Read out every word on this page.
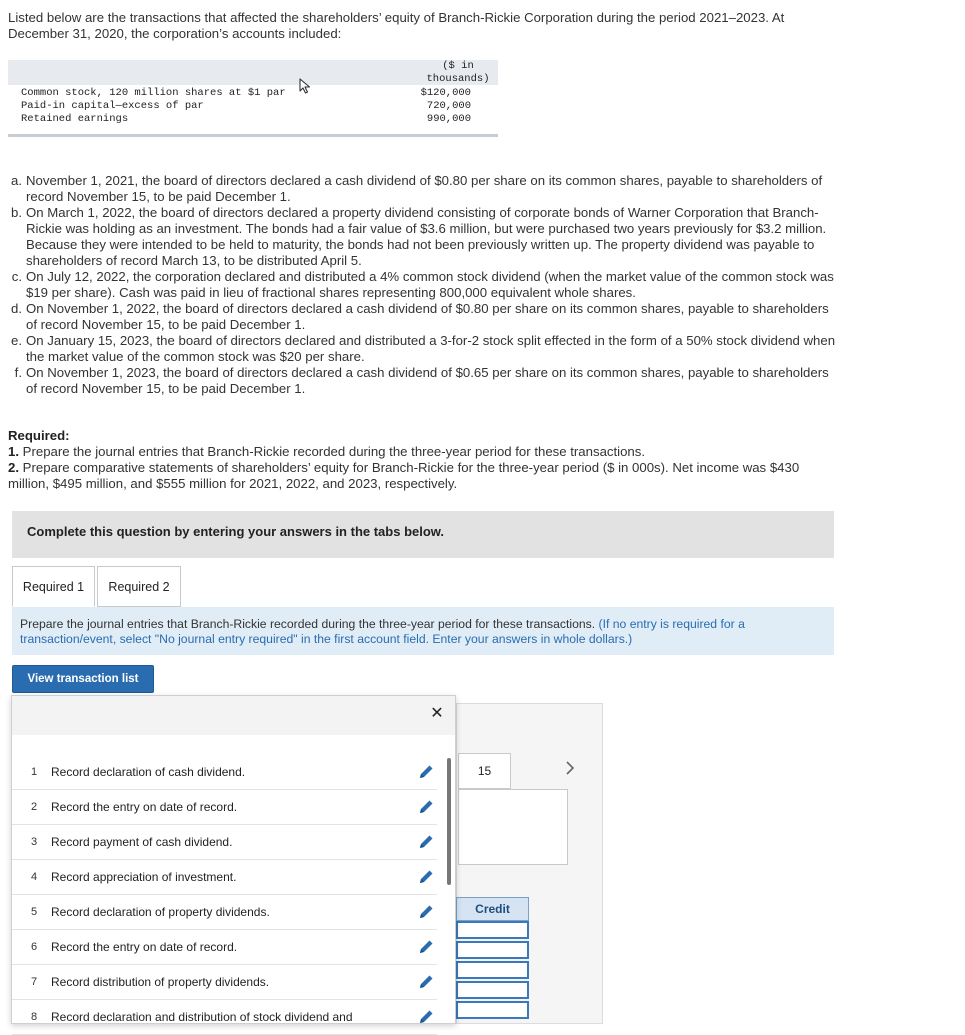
Listed below are the transactions that affected the shareholders’ equity of Branch-Rickie Corporation during the period 2021–2023. At December 31, 2020, the corporation’s accounts included:
($ in
thousands)
Common stock, 120 million shares at $1 par	$120,000
Paid-in capital—excess of par	720,000
Retained earnings	990,000
a. November 1, 2021, the board of directors declared a cash dividend of $0.80 per share on its common shares, payable to shareholders of record November 15, to be paid December 1.
b. On March 1, 2022, the board of directors declared a property dividend consisting of corporate bonds of Warner Corporation that Branch-Rickie was holding as an investment. The bonds had a fair value of $3.6 million, but were purchased two years previously for $3.2 million. Because they were intended to be held to maturity, the bonds had not been previously written up. The property dividend was payable to shareholders of record March 13, to be distributed April 5.
c. On July 12, 2022, the corporation declared and distributed a 4% common stock dividend (when the market value of the common stock was $19 per share). Cash was paid in lieu of fractional shares representing 800,000 equivalent whole shares.
d. On November 1, 2022, the board of directors declared a cash dividend of $0.80 per share on its common shares, payable to shareholders of record November 15, to be paid December 1.
e. On January 15, 2023, the board of directors declared and distributed a 3-for-2 stock split effected in the form of a 50% stock dividend when the market value of the common stock was $20 per share.
f. On November 1, 2023, the board of directors declared a cash dividend of $0.65 per share on its common shares, payable to shareholders of record November 15, to be paid December 1.
Required:
1. Prepare the journal entries that Branch-Rickie recorded during the three-year period for these transactions.
2. Prepare comparative statements of shareholders’ equity for Branch-Rickie for the three-year period ($ in 000s). Net income was $430 million, $495 million, and $555 million for 2021, 2022, and 2023, respectively.
Complete this question by entering your answers in the tabs below.
Required 1	Required 2
Prepare the journal entries that Branch-Rickie recorded during the three-year period for these transactions. (If no entry is required for a transaction/event, select "No journal entry required" in the first account field. Enter your answers in whole dollars.)
View transaction list
15
Credit
✕
1	Record declaration of cash dividend.
2	Record the entry on date of record.
3	Record payment of cash dividend.
4	Record appreciation of investment.
5	Record declaration of property dividends.
6	Record the entry on date of record.
7	Record distribution of property dividends.
8	Record declaration and distribution of stock dividend and
